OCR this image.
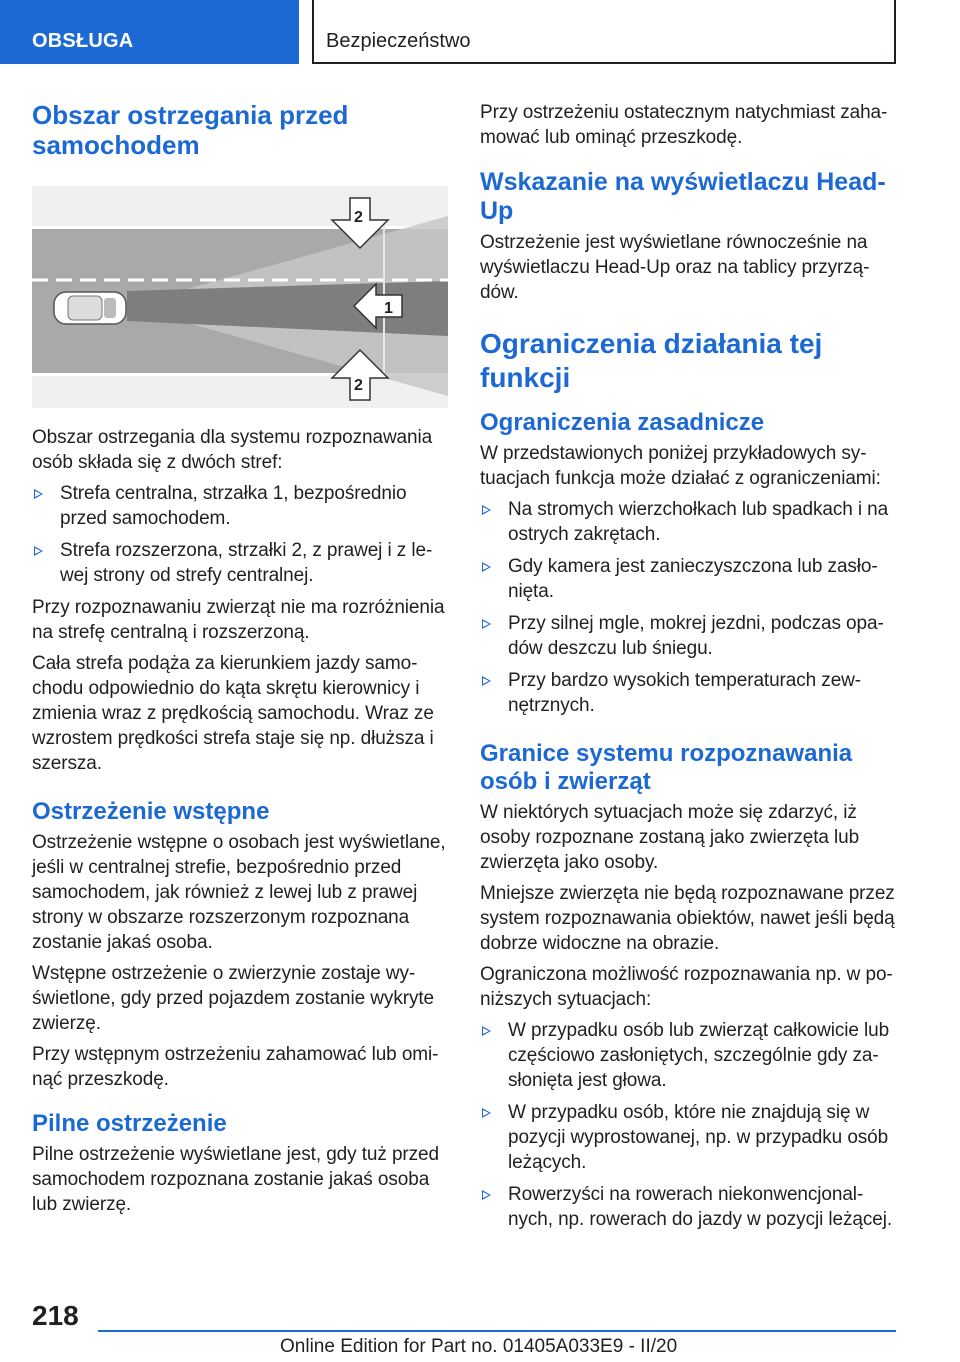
OBSŁUGA	Bezpieczeństwo
Obszar ostrzegania przed samochodem
1
2
2

Obszar ostrzegania dla systemu rozpoznawania osób składa się z dwóch stref:

Strefa centralna, strzałka 1, bezpośrednio przed samochodem.
Strefa rozszerzona, strzałki 2, z prawej i z lewej strony od strefy centralnej.

Przy rozpoznawaniu zwierząt nie ma rozróżnienia na strefę centralną i rozszerzoną.

Cała strefa podąża za kierunkiem jazdy samochodu odpowiednio do kąta skrętu kierownicy i zmienia wraz z prędkością samochodu. Wraz ze wzrostem prędkości strefa staje się np. dłuższa i szersza.

Ostrzeżenie wstępne

Ostrzeżenie wstępne o osobach jest wyświetlane, jeśli w centralnej strefie, bezpośrednio przed samochodem, jak również z lewej lub z prawej strony w obszarze rozszerzonym rozpoznana zostanie jakaś osoba.

Wstępne ostrzeżenie o zwierzynie zostaje wyświetlone, gdy przed pojazdem zostanie wykryte zwierzę.

Przy wstępnym ostrzeżeniu zahamować lub ominąć przeszkodę.

Pilne ostrzeżenie

Pilne ostrzeżenie wyświetlane jest, gdy tuż przed samochodem rozpoznana zostanie jakaś osoba lub zwierzę.

Przy ostrzeżeniu ostatecznym natychmiast zahamować lub ominąć przeszkodę.

Wskazanie na wyświetlaczu Head-Up

Ostrzeżenie jest wyświetlane równocześnie na wyświetlaczu Head-Up oraz na tablicy przyrządów.

Ograniczenia działania tej funkcji
Ograniczenia zasadnicze

W przedstawionych poniżej przykładowych sytuacjach funkcja może działać z ograniczeniami:

Na stromych wierzchołkach lub spadkach i na ostrych zakrętach.
Gdy kamera jest zanieczyszczona lub zasłonięta.
Przy silnej mgle, mokrej jezdni, podczas opadów deszczu lub śniegu.
Przy bardzo wysokich temperaturach zewnętrznych.
Granice systemu rozpoznawania osób i zwierząt

W niektórych sytuacjach może się zdarzyć, iż osoby rozpoznane zostaną jako zwierzęta lub zwierzęta jako osoby.

Mniejsze zwierzęta nie będą rozpoznawane przez system rozpoznawania obiektów, nawet jeśli będą dobrze widoczne na obrazie.

Ograniczona możliwość rozpoznawania np. w poniższych sytuacjach:

W przypadku osób lub zwierząt całkowicie lub częściowo zasłoniętych, szczególnie gdy zasłonięta jest głowa.
W przypadku osób, które nie znajdują się w pozycji wyprostowanej, np. w przypadku osób leżących.
Rowerzyści na rowerach niekonwencjonalnych, np. rowerach do jazdy w pozycji leżącej.
218
Online Edition for Part no. 01405A033E9 - II/20
